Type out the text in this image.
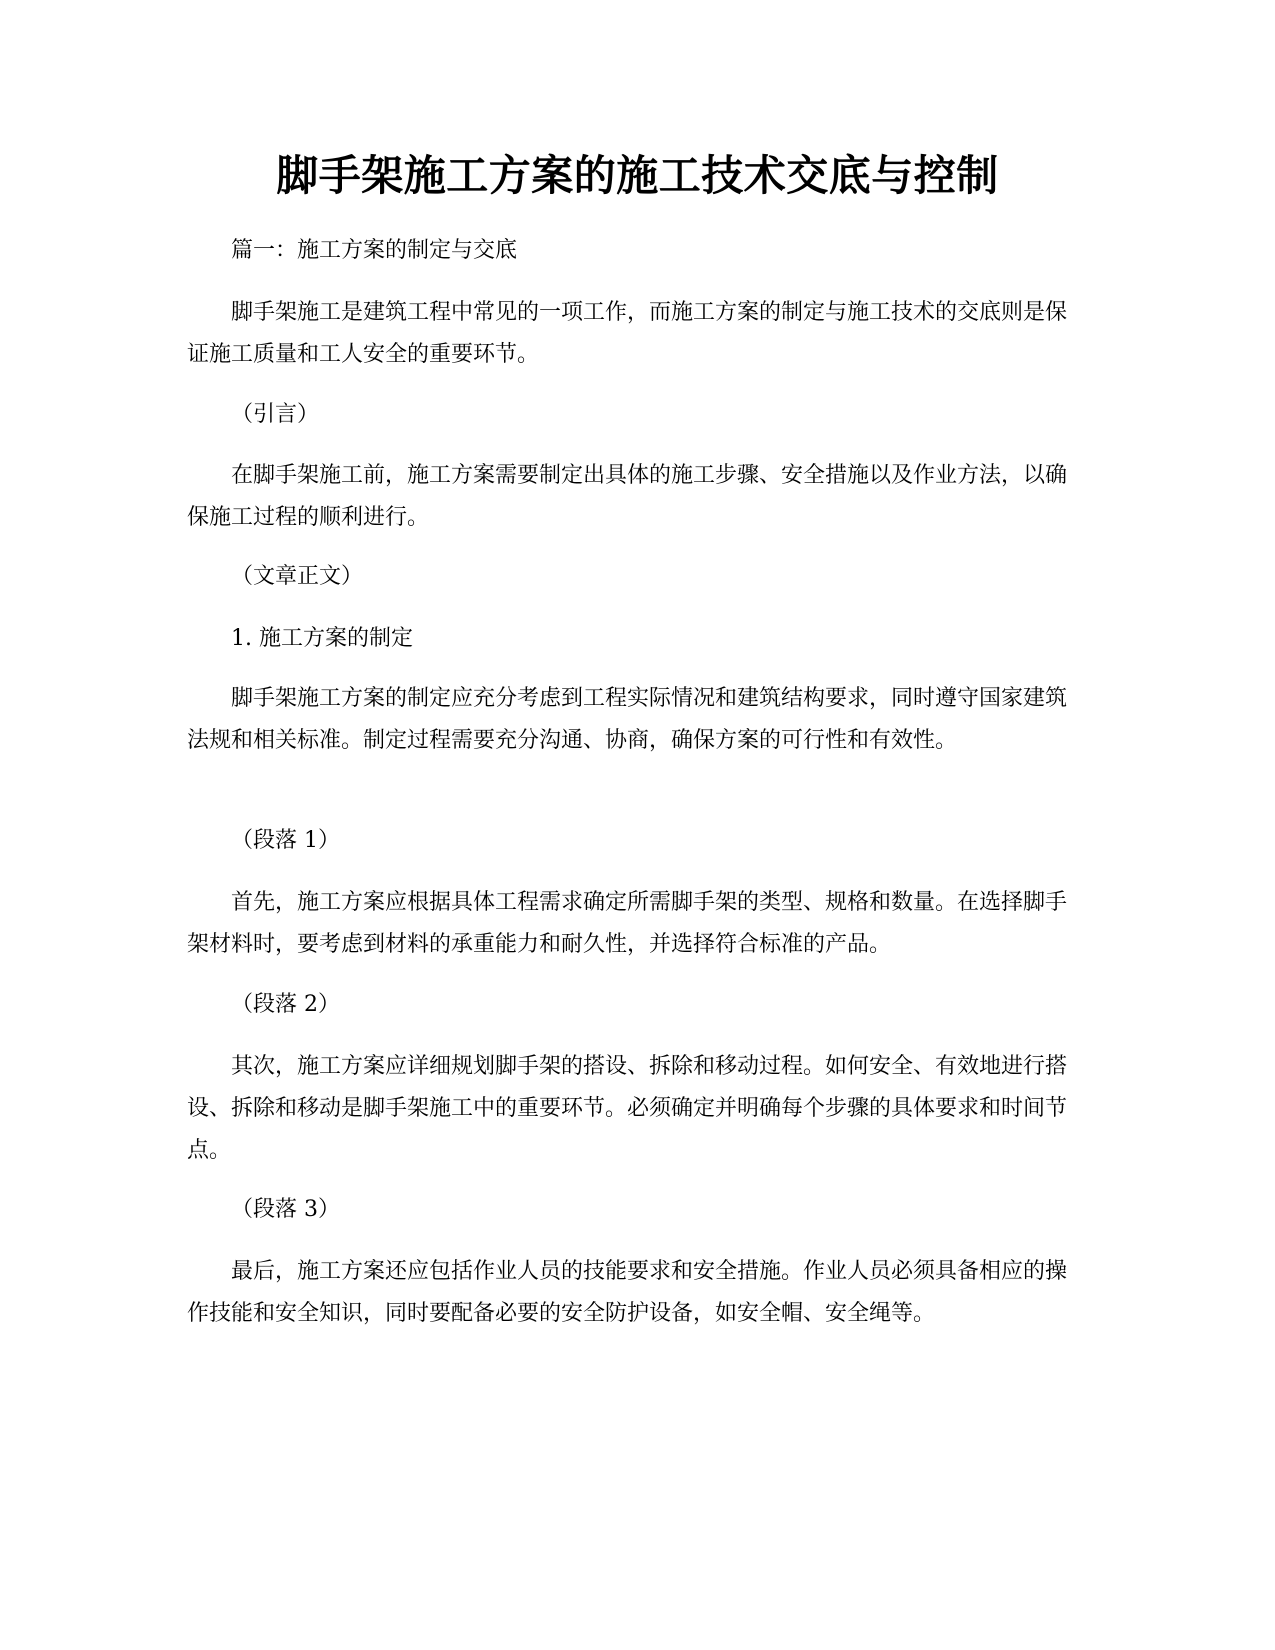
脚手架施工方案的施工技术交底与控制

篇一：施工方案的制定与交底

脚手架施工是建筑工程中常见的一项工作，而施工方案的制定与施工技术的交底则是保证施工质量和工人安全的重要环节。

（引言）

在脚手架施工前，施工方案需要制定出具体的施工步骤、安全措施以及作业方法，以确保施工过程的顺利进行。

（文章正文）

1. 施工方案的制定

脚手架施工方案的制定应充分考虑到工程实际情况和建筑结构要求，同时遵守国家建筑法规和相关标准。制定过程需要充分沟通、协商，确保方案的可行性和有效性。

（段落 1）

首先，施工方案应根据具体工程需求确定所需脚手架的类型、规格和数量。在选择脚手架材料时，要考虑到材料的承重能力和耐久性，并选择符合标准的产品。

（段落 2）

其次，施工方案应详细规划脚手架的搭设、拆除和移动过程。如何安全、有效地进行搭设、拆除和移动是脚手架施工中的重要环节。必须确定并明确每个步骤的具体要求和时间节点。

（段落 3）

最后，施工方案还应包括作业人员的技能要求和安全措施。作业人员必须具备相应的操作技能和安全知识，同时要配备必要的安全防护设备，如安全帽、安全绳等。
